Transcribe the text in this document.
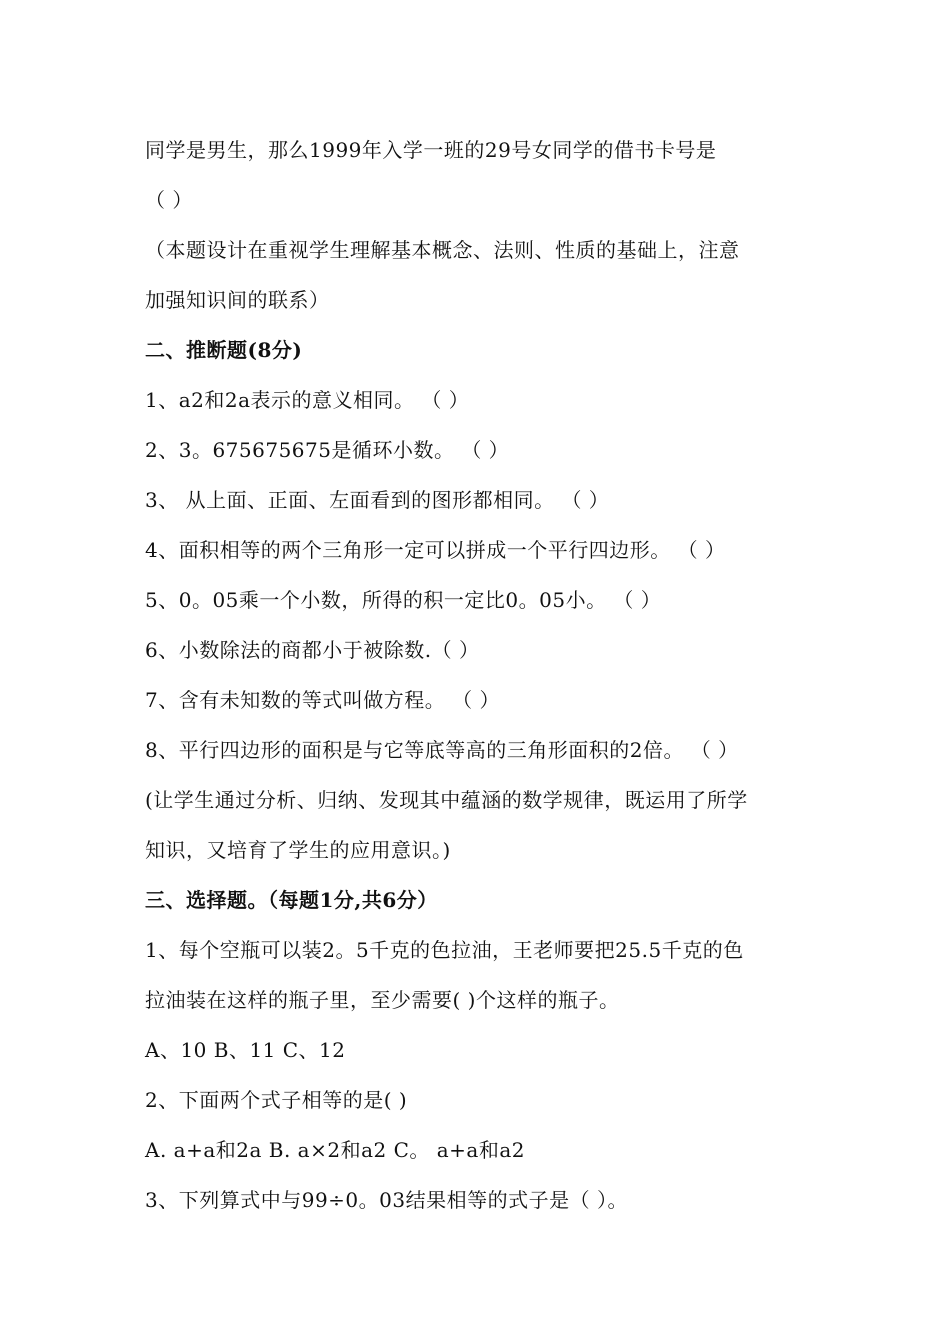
同学是男生，那么1999年入学一班的29号女同学的借书卡号是
（ ）
（本题设计在重视学生理解基本概念、法则、性质的基础上，注意
加强知识间的联系）
二、推断题(8分)
1、a2和2a表示的意义相同。 （ ）
2、3。675675675是循环小数。 （ ）
3、 从上面、正面、左面看到的图形都相同。 （ ）
4、面积相等的两个三角形一定可以拼成一个平行四边形。 （ ）
5、0。05乘一个小数，所得的积一定比0。05小。 （ ）
6、小数除法的商都小于被除数.（ ）
7、含有未知数的等式叫做方程。 （ ）
8、平行四边形的面积是与它等底等高的三角形面积的2倍。 （ ）
(让学生通过分析、归纳、发现其中蕴涵的数学规律，既运用了所学
知识，又培育了学生的应用意识。)
三、选择题。（每题1分,共6分）
1、每个空瓶可以装2。5千克的色拉油，王老师要把25.5千克的色
拉油装在这样的瓶子里，至少需要( )个这样的瓶子。
A、10 B、11 C、12
2、下面两个式子相等的是( )
A. a+a和2a B. a×2和a2 C。 a+a和a2
3、下列算式中与99÷0。03结果相等的式子是（ ）。
